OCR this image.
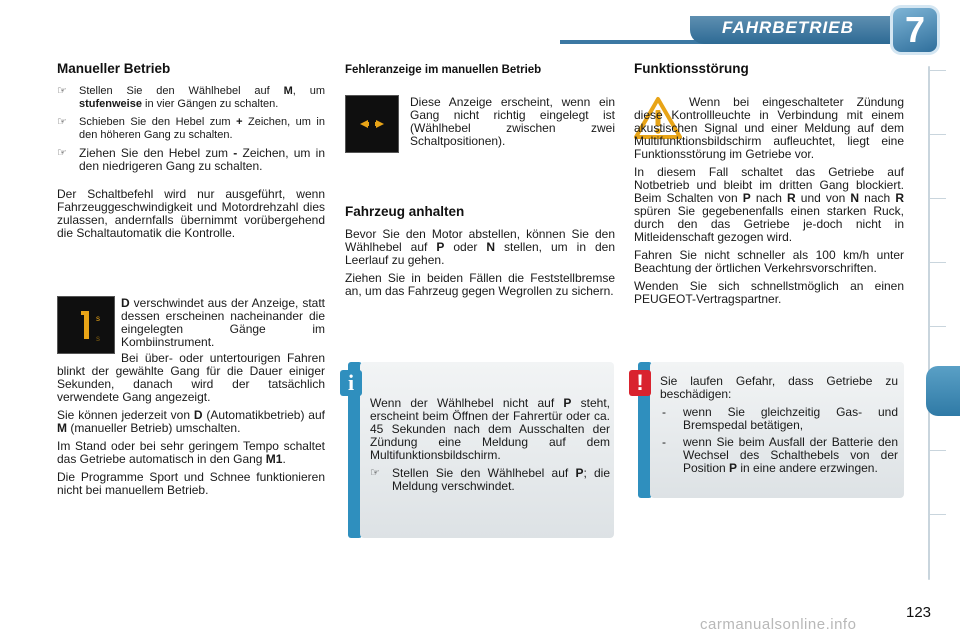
FAHRBETRIEB	7
Manueller Betrieb
☞ Stellen Sie den Wählhebel auf M, um stufenweise in vier Gängen zu schalten.
☞ Schieben Sie den Hebel zum + Zeichen, um in den höheren Gang zu schalten.
☞ Ziehen Sie den Hebel zum - Zeichen, um in den niedrigeren Gang zu schalten.

Der Schaltbefehl wird nur ausgeführt, wenn Fahrzeuggeschwindigkeit und Motordrehzahl dies zulassen, andernfalls übernimmt vorübergehend die Schaltautomatik die Kontrolle.

s
s

D verschwindet aus der Anzeige, statt dessen erscheinen nacheinander die eingelegten Gänge im Kombiinstrument.

Bei über- oder untertourigen Fahren blinkt der gewählte Gang für die Dauer einiger Sekunden, danach wird der tatsächlich verwendete Gang angezeigt.

Sie können jederzeit von D (Automatikbetrieb) auf M (manueller Betrieb) umschalten.

Im Stand oder bei sehr geringem Tempo schaltet das Getriebe automatisch in den Gang M1.

Die Programme Sport und Schnee funktionieren nicht bei manuellem Betrieb.

Fehleranzeige im manuellen Betrieb

Diese Anzeige erscheint, wenn ein Gang nicht richtig eingelegt ist (Wählhebel zwischen zwei Schaltpositionen).

Fahrzeug anhalten

Bevor Sie den Motor abstellen, können Sie den Wählhebel auf P oder N stellen, um in den Leerlauf zu gehen.

Ziehen Sie in beiden Fällen die Feststellbremse an, um das Fahrzeug gegen Wegrollen zu sichern.

i

Wenn der Wählhebel nicht auf P steht, erscheint beim Öffnen der Fahrertür oder ca. 45 Sekunden nach dem Ausschalten der Zündung eine Meldung auf dem Multifunktionsbildschirm.

☞ Stellen Sie den Wählhebel auf P; die Meldung verschwindet.
Funktionsstörung

Wenn bei eingeschalteter Zündung diese Kontrollleuchte in Verbindung mit einem akustischen Signal und einer Meldung auf dem Multifunktionsbildschirm aufleuchtet, liegt eine Funktionsstörung im Getriebe vor.

In diesem Fall schaltet das Getriebe auf Notbetrieb und bleibt im dritten Gang blockiert. Beim Schalten von P nach R und von N nach R spüren Sie gegebenenfalls einen starken Ruck, durch den das Getriebe je-doch nicht in Mitleidenschaft gezogen wird.

Fahren Sie nicht schneller als 100 km/h unter Beachtung der örtlichen Verkehrsvorschriften.

Wenden Sie sich schnellstmöglich an einen PEUGEOT-Vertragspartner.

!	Sie laufen Gefahr, dass Getriebe zu beschädigen:

- wenn Sie gleichzeitig Gas- und Bremspedal betätigen,
- wenn Sie beim Ausfall der Batterie den Wechsel des Schalthebels von der Position P in eine andere erzwingen.
123
carmanualsonline.info
